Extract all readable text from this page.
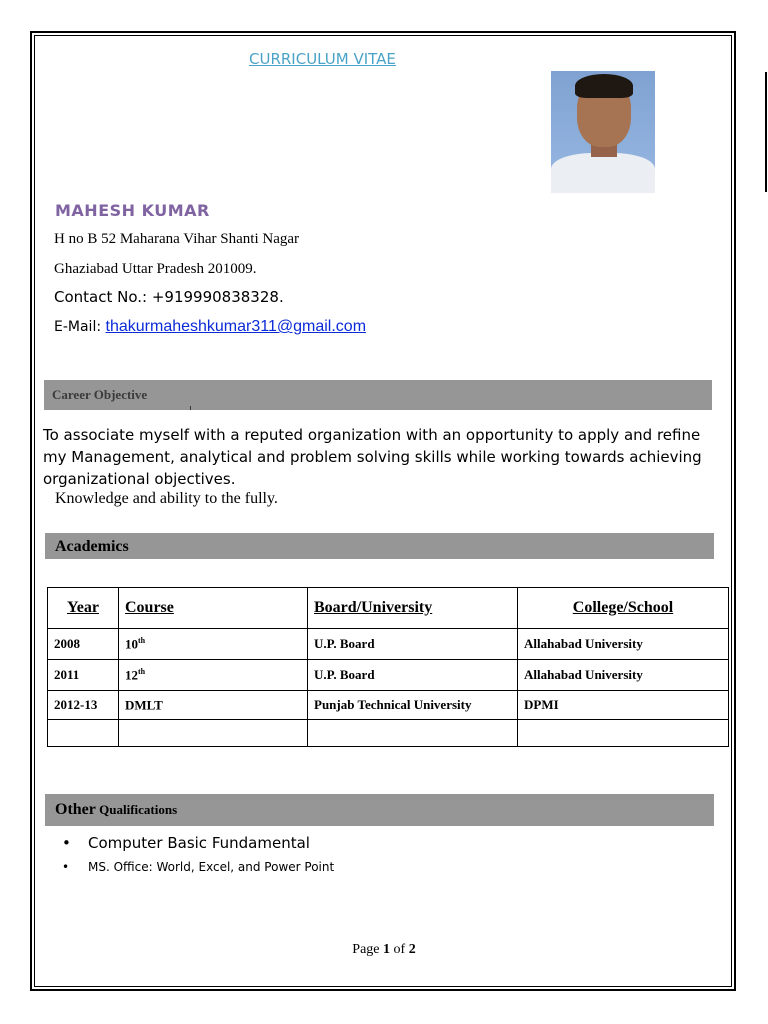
CURRICULUM VITAE
MAHESH KUMAR
H no B 52 Maharana Vihar Shanti Nagar
Ghaziabad Uttar Pradesh 201009.
Contact No.: +919990838328.
E-Mail: thakurmaheshkumar311@gmail.com
Career Objective
To associate myself with a reputed organization with an opportunity to apply and refine my Management, analytical and problem solving skills while working towards achieving organizational objectives.
Knowledge and ability to the fully.
Academics
Year	Course	Board/University	College/School
2008	10th	U.P. Board	Allahabad University
2011	12th	U.P. Board	Allahabad University
2012-13	DMLT	Punjab Technical University	DPMI

Other Qualifications
• Computer Basic Fundamental
• MS. Office: World, Excel, and Power Point
Page 1 of 2
